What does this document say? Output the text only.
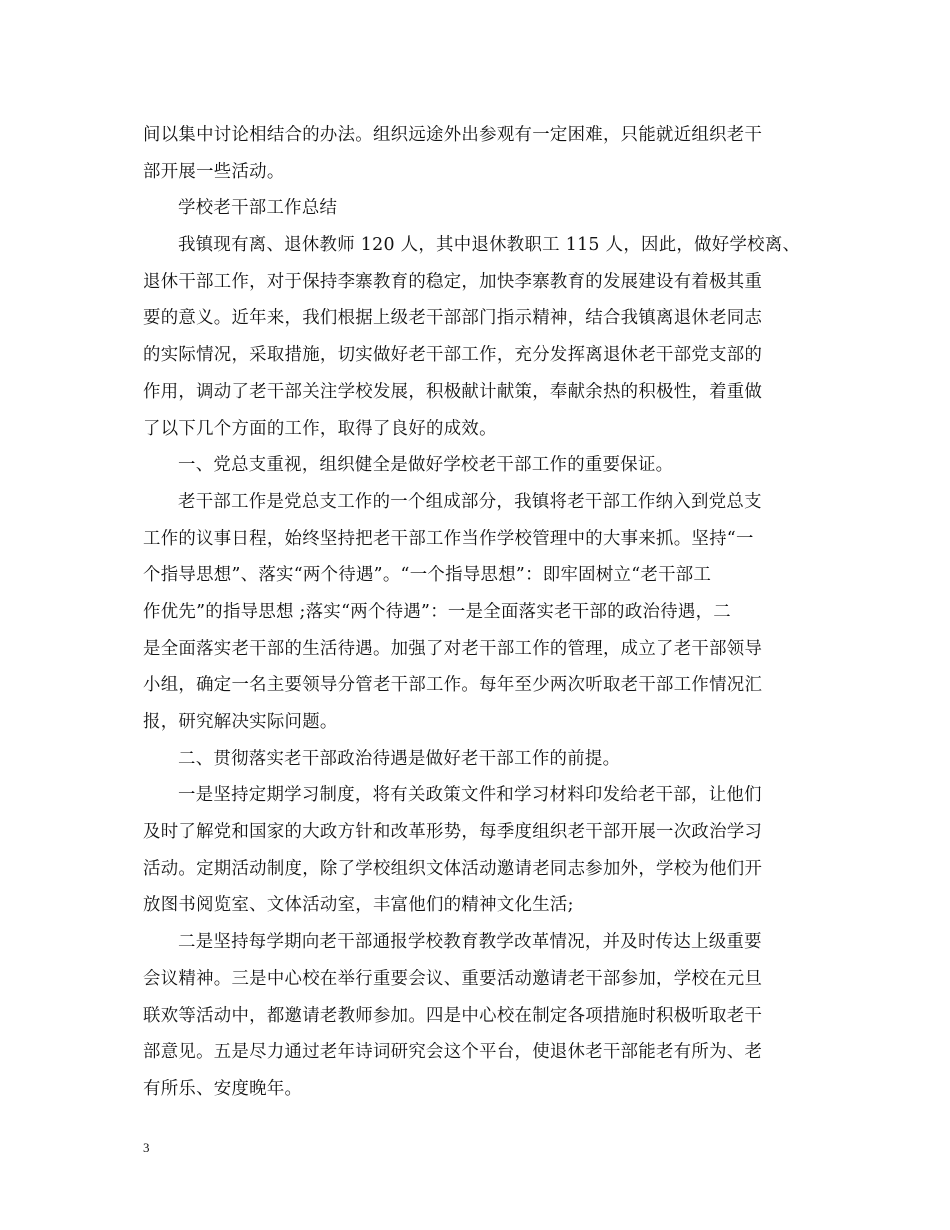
间以集中讨论相结合的办法。组织远途外出参观有一定困难，只能就近组织老干
部开展一些活动。
学校老干部工作总结
我镇现有离、退休教师 120 人，其中退休教职工 115 人，因此，做好学校离、
退休干部工作，对于保持李寨教育的稳定，加快李寨教育的发展建设有着极其重
要的意义。近年来，我们根据上级老干部部门指示精神，结合我镇离退休老同志
的实际情况，采取措施，切实做好老干部工作，充分发挥离退休老干部党支部的
作用，调动了老干部关注学校发展，积极献计献策，奉献余热的积极性，着重做
了以下几个方面的工作，取得了良好的成效。
一、党总支重视，组织健全是做好学校老干部工作的重要保证。
老干部工作是党总支工作的一个组成部分，我镇将老干部工作纳入到党总支
工作的议事日程，始终坚持把老干部工作当作学校管理中的大事来抓。坚持“一
个指导思想”、落实“两个待遇”。“一个指导思想”：即牢固树立“老干部工
作优先”的指导思想 ;落实“两个待遇”：一是全面落实老干部的政治待遇，二
是全面落实老干部的生活待遇。加强了对老干部工作的管理，成立了老干部领导
小组，确定一名主要领导分管老干部工作。每年至少两次听取老干部工作情况汇
报，研究解决实际问题。
二、贯彻落实老干部政治待遇是做好老干部工作的前提。
一是坚持定期学习制度，将有关政策文件和学习材料印发给老干部，让他们
及时了解党和国家的大政方针和改革形势，每季度组织老干部开展一次政治学习
活动。定期活动制度，除了学校组织文体活动邀请老同志参加外，学校为他们开
放图书阅览室、文体活动室，丰富他们的精神文化生活;
二是坚持每学期向老干部通报学校教育教学改革情况，并及时传达上级重要
会议精神。三是中心校在举行重要会议、重要活动邀请老干部参加，学校在元旦
联欢等活动中，都邀请老教师参加。四是中心校在制定各项措施时积极听取老干
部意见。五是尽力通过老年诗词研究会这个平台，使退休老干部能老有所为、老
有所乐、安度晚年。
3
